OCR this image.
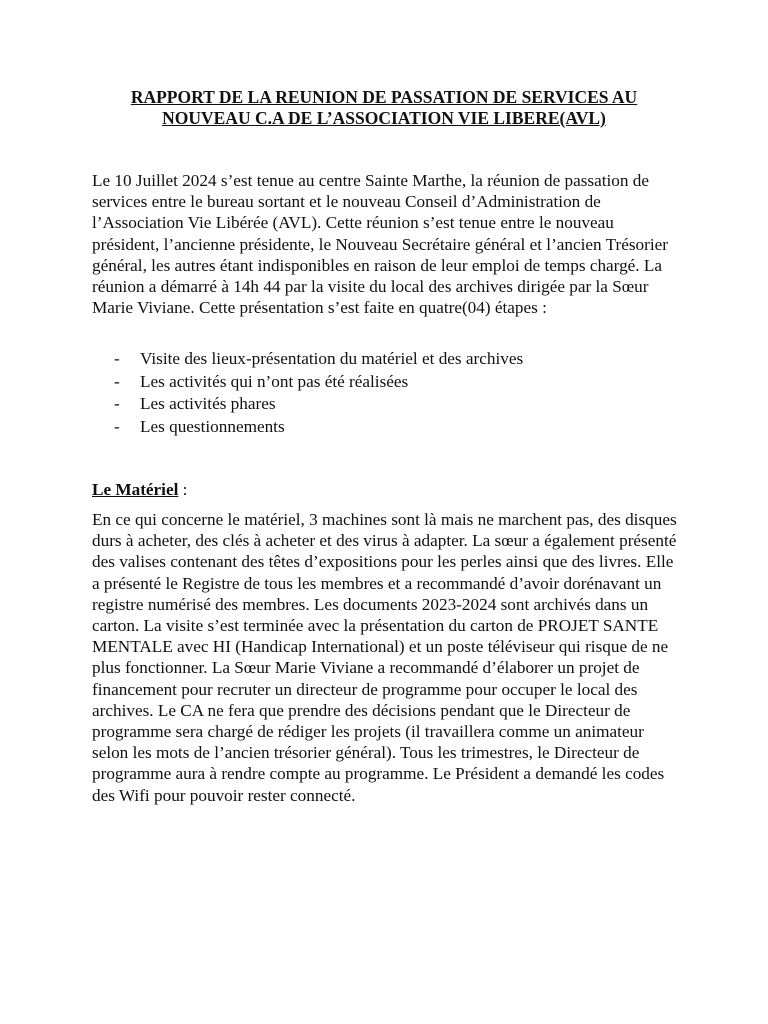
RAPPORT DE LA REUNION DE PASSATION DE SERVICES AU
NOUVEAU C.A DE L’ASSOCIATION VIE LIBERE(AVL)

Le 10 Juillet 2024 s’est tenue au centre Sainte Marthe, la réunion de passation de services entre le bureau sortant et le nouveau Conseil d’Administration de l’Association Vie Libérée (AVL). Cette réunion s’est tenue entre le nouveau président, l’ancienne présidente, le Nouveau Secrétaire général et l’ancien Trésorier général, les autres étant indisponibles en raison de leur emploi de temps chargé. La réunion a démarré à 14h 44 par la visite du local des archives dirigée par la Sœur Marie Viviane. Cette présentation s’est faite en quatre(04) étapes :

- Visite des lieux-présentation du matériel et des archives
- Les activités qui n’ont pas été réalisées
- Les activités phares
- Les questionnements
Le Matériel :

En ce qui concerne le matériel, 3 machines sont là mais ne marchent pas, des disques durs à acheter, des clés à acheter et des virus à adapter. La sœur a également présenté des valises contenant des têtes d’expositions pour les perles ainsi que des livres. Elle a présenté le Registre de tous les membres et a recommandé d’avoir dorénavant un registre numérisé des membres. Les documents 2023-2024 sont archivés dans un carton. La visite s’est terminée avec la présentation du carton de PROJET SANTE MENTALE avec HI (Handicap International) et un poste téléviseur qui risque de ne plus fonctionner. La Sœur Marie Viviane a recommandé d’élaborer un projet de financement pour recruter un directeur de programme pour occuper le local des archives. Le CA ne fera que prendre des décisions pendant que le Directeur de programme sera chargé de rédiger les projets (il travaillera comme un animateur selon les mots de l’ancien trésorier général). Tous les trimestres, le Directeur de programme aura à rendre compte au programme. Le Président a demandé les codes des Wifi pour pouvoir rester connecté.
